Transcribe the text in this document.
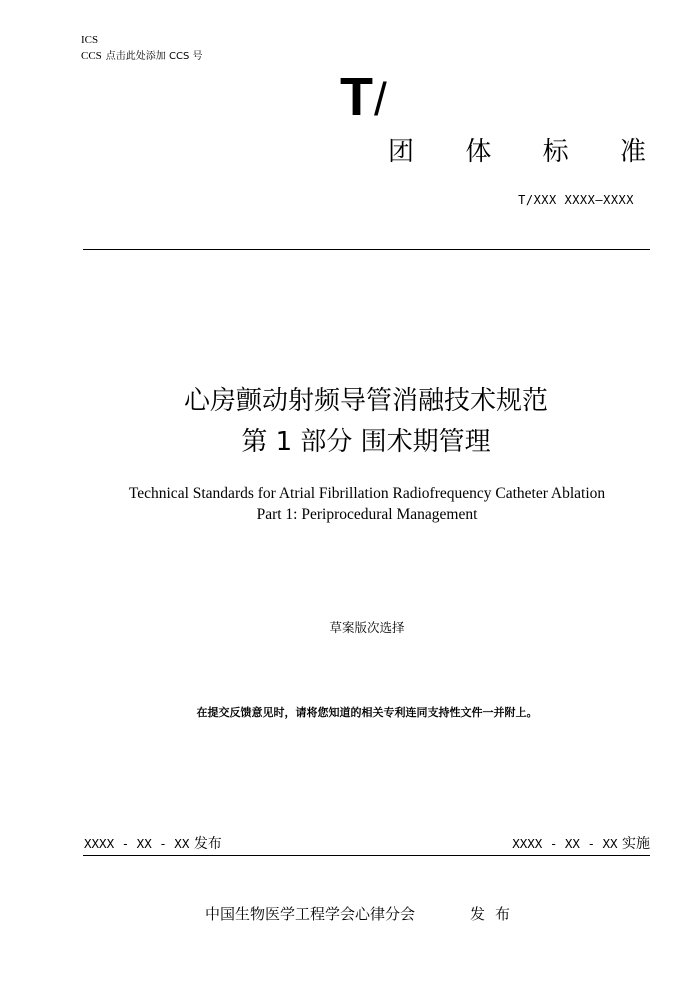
ICS
CCS 点击此处添加 CCS 号
T/
团 体 标 准
T/XXX XXXX—XXXX
心房颤动射频导管消融技术规范
第 1 部分 围术期管理
Technical Standards for Atrial Fibrillation Radiofrequency Catheter Ablation
Part 1: Periprocedural Management
草案版次选择
在提交反馈意见时，请将您知道的相关专利连同支持性文件一并附上。
XXXX - XX - XX 发布	XXXX - XX - XX 实施
中国生物医学工程学会心律分会	发布
